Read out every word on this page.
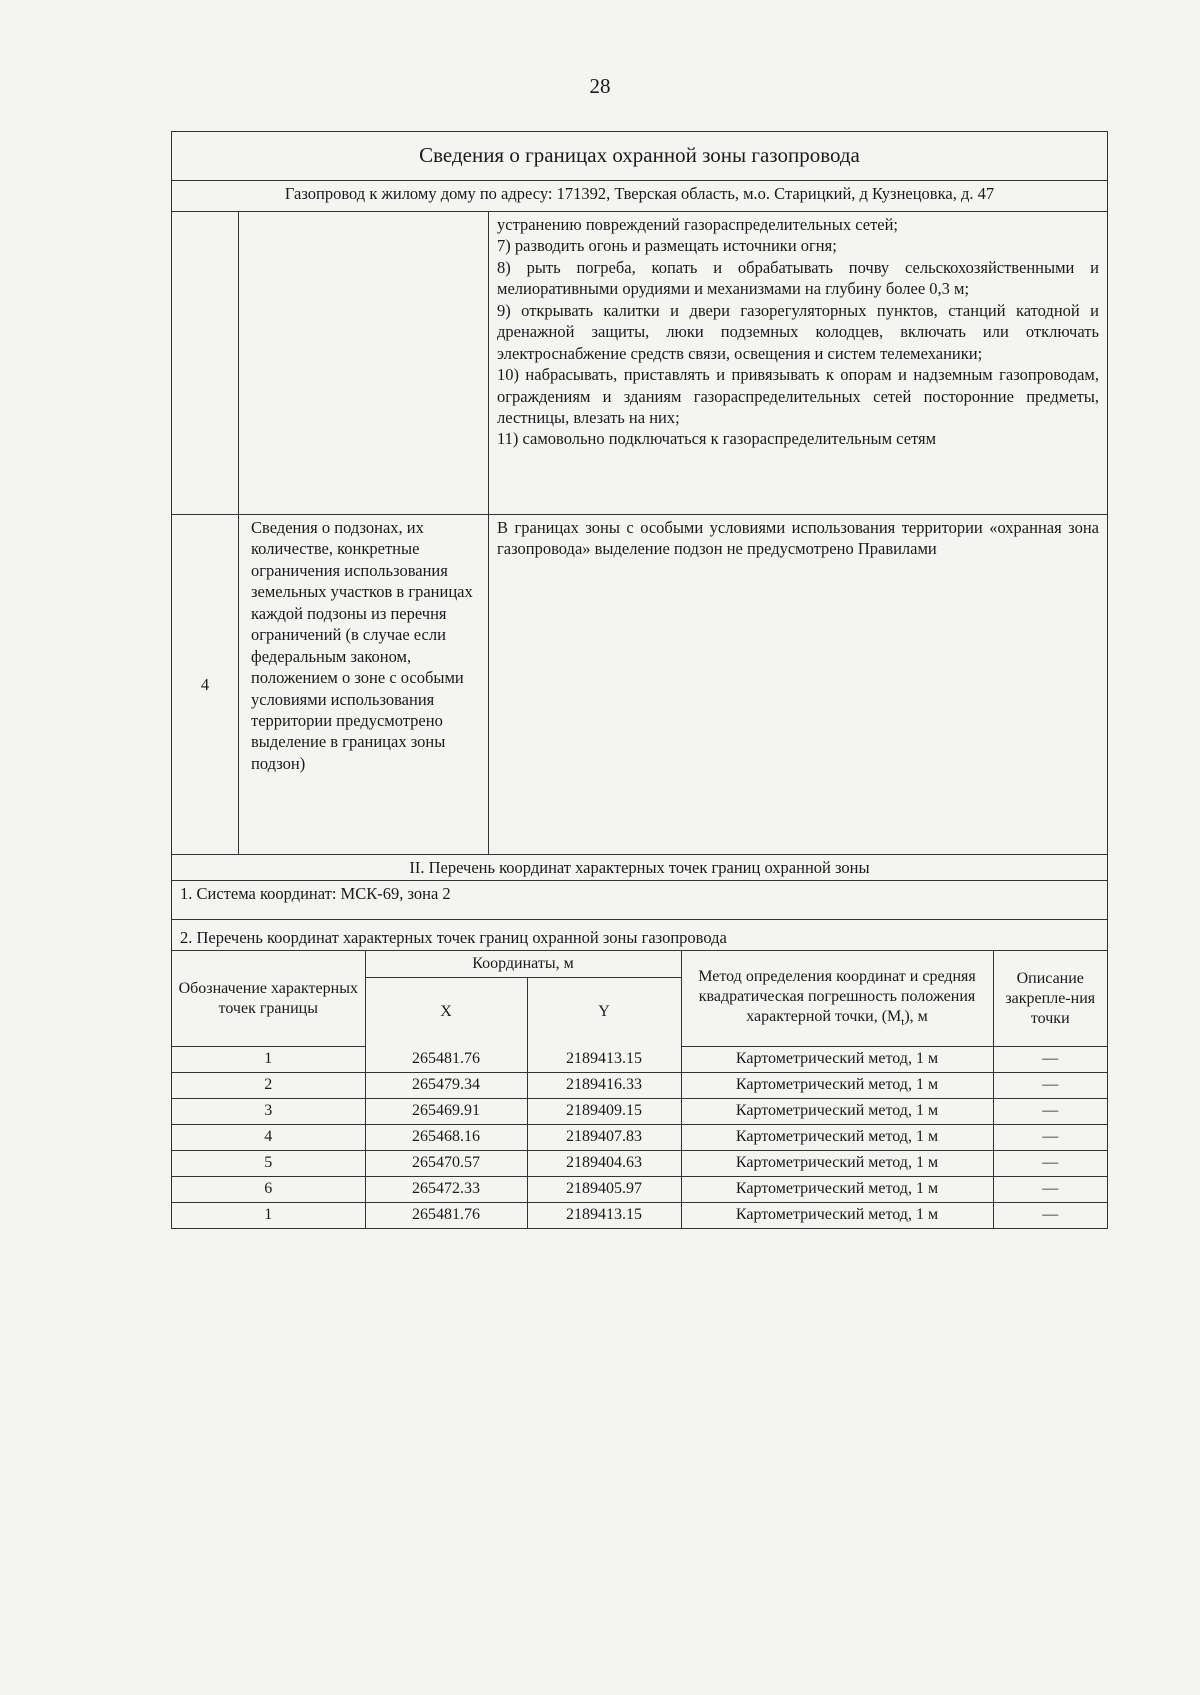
28
Сведения о границах охранной зоны газопровода
Газопровод к жилому дому по адресу: 171392, Тверская область, м.о. Старицкий, д Кузнецовка, д. 47

устранению повреждений газораспределительных сетей;
7) разводить огонь и размещать источники огня;
8) рыть погреба, копать и обрабатывать почву сельскохозяйственными и мелиоративными орудиями и механизмами на глубину более 0,3 м;
9) открывать калитки и двери газорегуляторных пунктов, станций катодной и дренажной защиты, люки подземных колодцев, включать или отключать электроснабжение средств связи, освещения и систем телемеханики;
10) набрасывать, приставлять и привязывать к опорам и надземным газопроводам, ограждениям и зданиям газораспределительных сетей посторонние предметы, лестницы, влезать на них;
11) самовольно подключаться к газораспределительным сетям

4	Сведения о подзонах, их количестве, конкретные ограничения использования земельных участков в границах каждой подзоны из перечня ограничений (в случае если федеральным законом, положением о зоне с особыми условиями использования территории предусмотрено выделение в границах зоны подзон)	В границах зоны с особыми условиями использования территории «охранная зона газопровода» выделение подзон не предусмотрено Правилами
II. Перечень координат характерных точек границ охранной зоны
1. Система координат: МСК-69, зона 2
2. Перечень координат характерных точек границ охранной зоны газопровода

Обозначение характерных точек границы	Координаты, м	Метод определения координат и средняя квадратическая погрешность положения характерной точки, $(M_t)$, м	Описание закрепле-ния точки
X	Y
1	265481.76	2189413.15	Картометрический метод, 1 м	—
2	265479.34	2189416.33	Картометрический метод, 1 м	—
3	265469.91	2189409.15	Картометрический метод, 1 м	—
4	265468.16	2189407.83	Картометрический метод, 1 м	—
5	265470.57	2189404.63	Картометрический метод, 1 м	—
6	265472.33	2189405.97	Картометрический метод, 1 м	—
1	265481.76	2189413.15	Картометрический метод, 1 м	—
